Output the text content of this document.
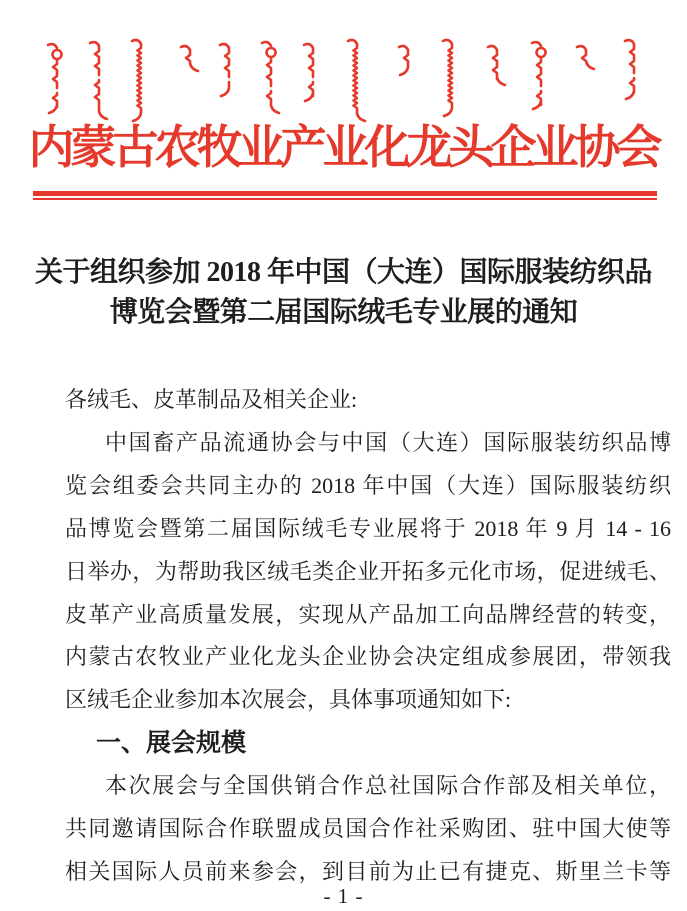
内蒙古农牧业产业化龙头企业协会
关于组织参加 2018 年中国（大连）国际服装纺织品
博览会暨第二届国际绒毛专业展的通知
各绒毛、皮革制品及相关企业:
中国畜产品流通协会与中国（大连）国际服装纺织品博
览会组委会共同主办的 2018 年中国（大连）国际服装纺织
品博览会暨第二届国际绒毛专业展将于 2018 年 9 月 14 - 16
日举办，为帮助我区绒毛类企业开拓多元化市场，促进绒毛、
皮革产业高质量发展，实现从产品加工向品牌经营的转变，
内蒙古农牧业产业化龙头企业协会决定组成参展团，带领我
区绒毛企业参加本次展会，具体事项通知如下:
一、展会规模
本次展会与全国供销合作总社国际合作部及相关单位，
共同邀请国际合作联盟成员国合作社采购团、驻中国大使等
相关国际人员前来参会，到目前为止已有捷克、斯里兰卡等
- 1 -
